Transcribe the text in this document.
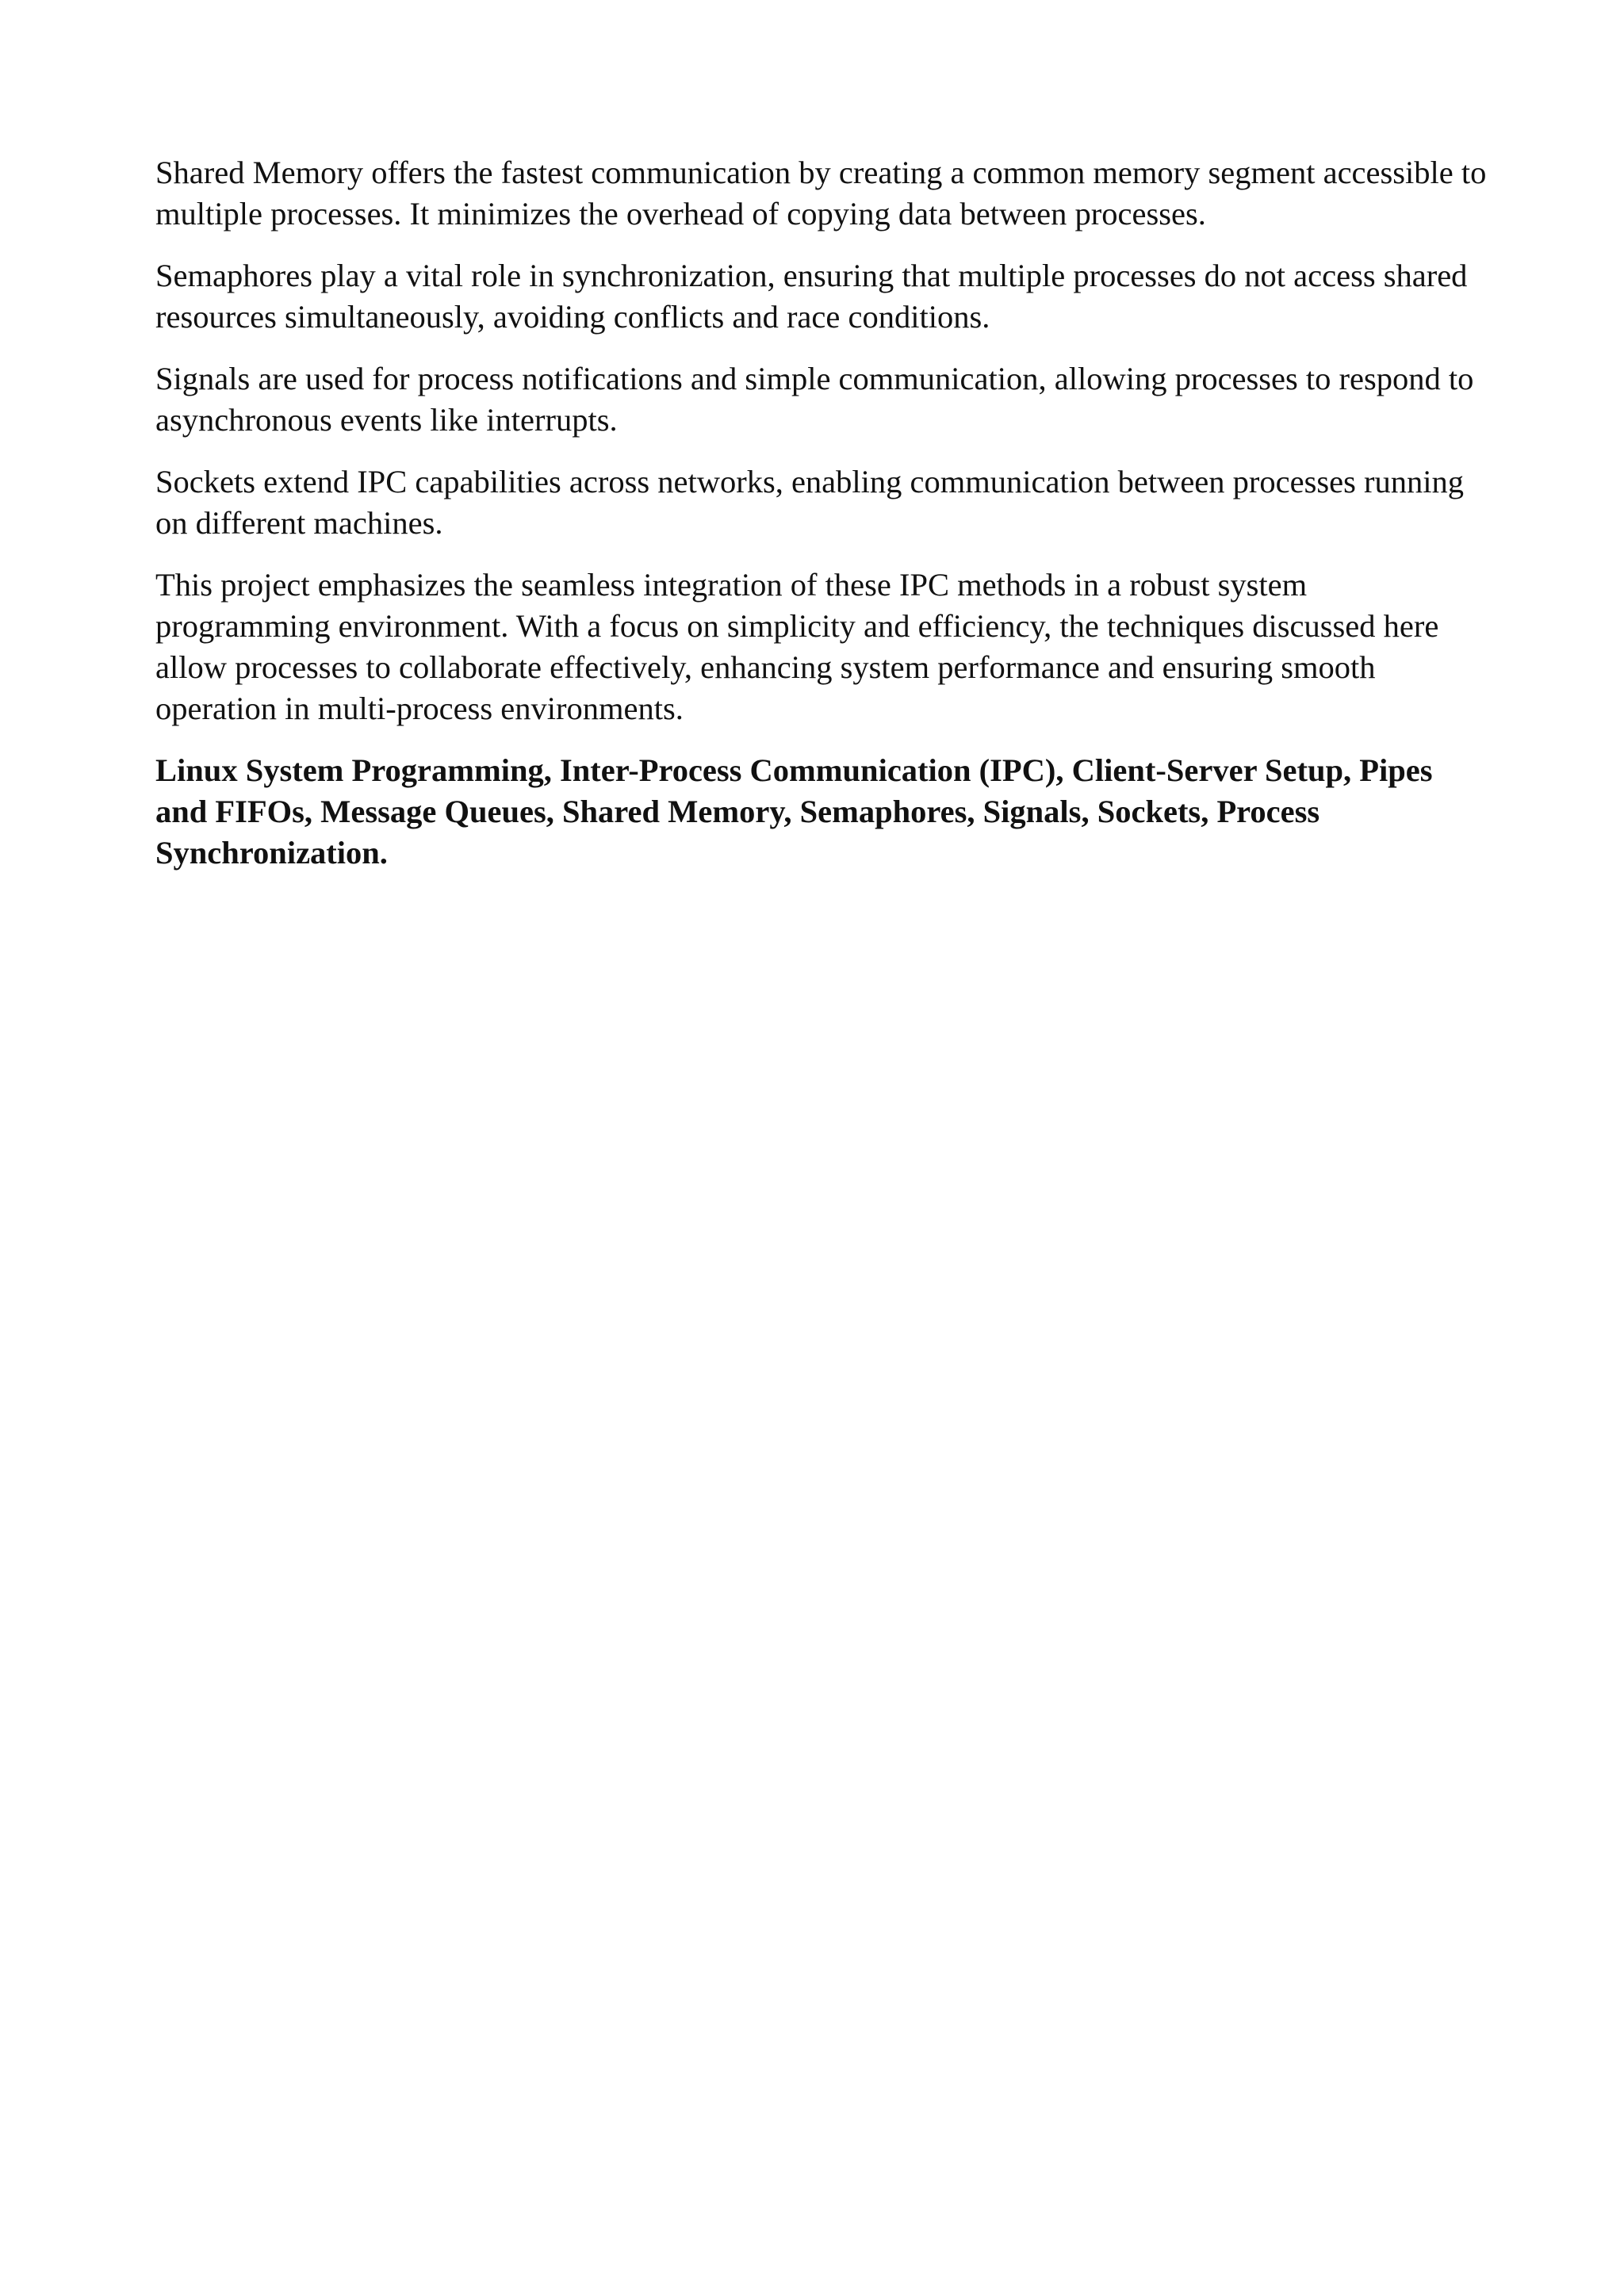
Shared Memory offers the fastest communication by creating a common memory segment accessible to multiple processes. It minimizes the overhead of copying data between processes.

Semaphores play a vital role in synchronization, ensuring that multiple processes do not access shared resources simultaneously, avoiding conflicts and race conditions.

Signals are used for process notifications and simple communication, allowing processes to respond to asynchronous events like interrupts.

Sockets extend IPC capabilities across networks, enabling communication between processes running on different machines.

This project emphasizes the seamless integration of these IPC methods in a robust system programming environment. With a focus on simplicity and efficiency, the techniques discussed here allow processes to collaborate effectively, enhancing system performance and ensuring smooth operation in multi-process environments.

Linux System Programming, Inter-Process Communication (IPC), Client-Server Setup, Pipes and FIFOs, Message Queues, Shared Memory, Semaphores, Signals, Sockets, Process Synchronization.
